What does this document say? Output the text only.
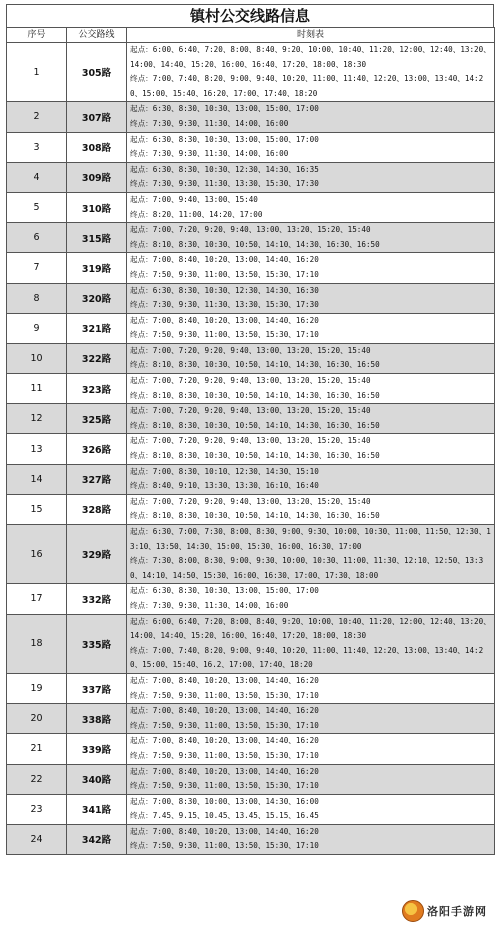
镇村公交线路信息
序号	公交路线	时刻表
1	305路	起点：6:00、6:40、7:20、8:00、8:40、9:20、10:00、10:40、11:20、12:00、12:40、13:20、14:00、14:40、15:20、16:00、16:40、17:20、18:00、18:30
终点：7:00、7:40、8:20、9:00、9:40、10:20、11:00、11:40、12:20、13:00、13:40、14:20、15:00、15:40、16:20、17:00、17:40、18:20

2	307路	起点：6:30、8:30、10:30、13:00、15:00、17:00
终点：7:30、9:30、11:30、14:00、16:00

3	308路	起点：6:30、8:30、10:30、13:00、15:00、17:00
终点：7:30、9:30、11:30、14:00、16:00

4	309路	起点：6:30、8:30、10:30、12:30、14:30、16:35
终点：7:30、9:30、11:30、13:30、15:30、17:30

5	310路	起点：7:00、9:40、13:00、15:40
终点：8:20、11:00、14:20、17:00

6	315路	起点：7:00、7:20、9:20、9:40、13:00、13:20、15:20、15:40
终点：8:10、8:30、10:30、10:50、14:10、14:30、16:30、16:50

7	319路	起点：7:00、8:40、10:20、13:00、14:40、16:20
终点：7:50、9:30、11:00、13:50、15:30、17:10

8	320路	起点：6:30、8:30、10:30、12:30、14:30、16:30
终点：7:30、9:30、11:30、13:30、15:30、17:30

9	321路	起点：7:00、8:40、10:20、13:00、14:40、16:20
终点：7:50、9:30、11:00、13:50、15:30、17:10

10	322路	起点：7:00、7:20、9:20、9:40、13:00、13:20、15:20、15:40
终点：8:10、8:30、10:30、10:50、14:10、14:30、16:30、16:50

11	323路	起点：7:00、7:20、9:20、9:40、13:00、13:20、15:20、15:40
终点：8:10、8:30、10:30、10:50、14:10、14:30、16:30、16:50

12	325路	起点：7:00、7:20、9:20、9:40、13:00、13:20、15:20、15:40
终点：8:10、8:30、10:30、10:50、14:10、14:30、16:30、16:50

13	326路	起点：7:00、7:20、9:20、9:40、13:00、13:20、15:20、15:40
终点：8:10、8:30、10:30、10:50、14:10、14:30、16:30、16:50

14	327路	起点：7:00、8:30、10:10、12:30、14:30、15:10
终点：8:40、9:10、13:30、13:30、16:10、16:40

15	328路	起点：7:00、7:20、9:20、9:40、13:00、13:20、15:20、15:40
终点：8:10、8:30、10:30、10:50、14:10、14:30、16:30、16:50

16	329路	起点：6:30、7:00、7:30、8:00、8:30、9:00、9:30、10:00、10:30、11:00、11:50、12:30、13:10、13:50、14:30、15:00、15:30、16:00、16:30、17:00
终点：7:30、8:00、8:30、9:00、9:30、10:00、10:30、11:00、11:30、12:10、12:50、13:30、14:10、14:50、15:30、16:00、16:30、17:00、17:30、18:00

17	332路	起点：6:30、8:30、10:30、13:00、15:00、17:00
终点：7:30、9:30、11:30、14:00、16:00

18	335路	起点：6:00、6:40、7:20、8:00、8:40、9:20、10:00、10:40、11:20、12:00、12:40、13:20、14:00、14:40、15:20、16:00、16:40、17:20、18:00、18:30
终点：7:00、7:40、8:20、9:00、9:40、10:20、11:00、11:40、12:20、13:00、13:40、14:20、15:00、15:40、16.2、17:00、17:40、18:20

19	337路	起点：7:00、8:40、10:20、13:00、14:40、16:20
终点：7:50、9:30、11:00、13:50、15:30、17:10

20	338路	起点：7:00、8:40、10:20、13:00、14:40、16:20
终点：7:50、9:30、11:00、13:50、15:30、17:10

21	339路	起点：7:00、8:40、10:20、13:00、14:40、16:20
终点：7:50、9:30、11:00、13:50、15:30、17:10

22	340路	起点：7:00、8:40、10:20、13:00、14:40、16:20
终点：7:50、9:30、11:00、13:50、15:30、17:10

23	341路	起点：7:00、8:30、10:00、13:00、14:30、16:00
终点：7.45、9.15、10.45、13.45、15.15、16.45

24	342路	起点：7:00、8:40、10:20、13:00、14:40、16:20
终点：7:50、9:30、11:00、13:50、15:30、17:10
洛阳手游网
